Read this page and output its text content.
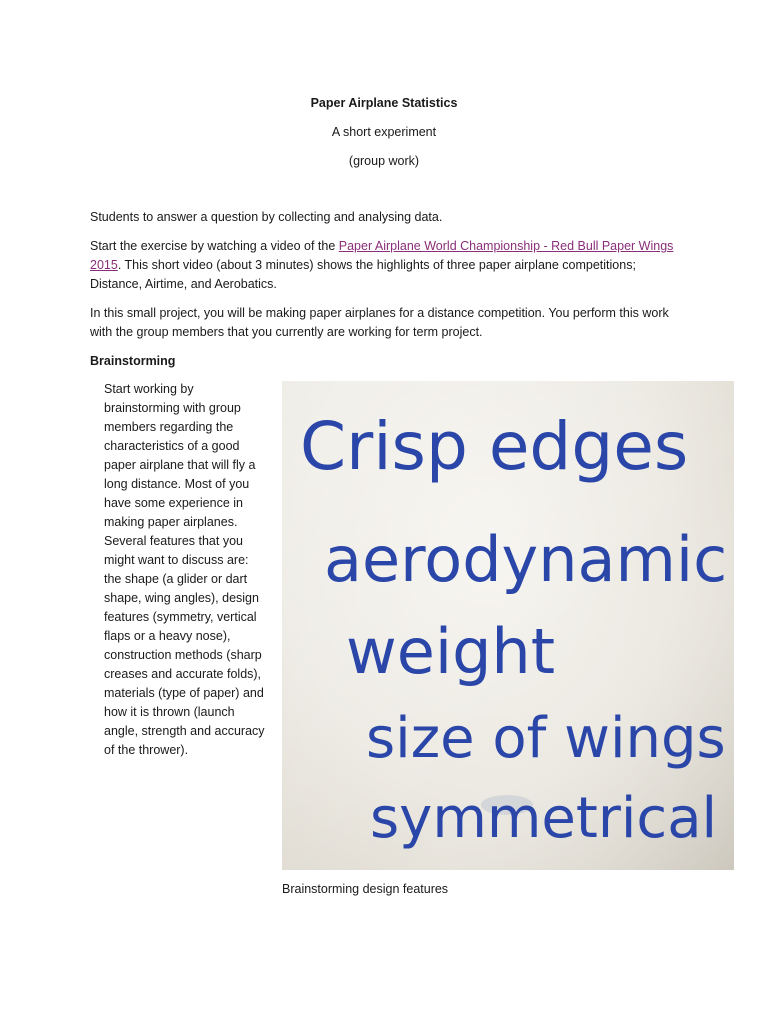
Paper Airplane Statistics

A short experiment

(group work)

Students to answer a question by collecting and analysing data.

Start the exercise by watching a video of the Paper Airplane World Championship - Red Bull Paper Wings 2015. This short video (about 3 minutes) shows the highlights of three paper airplane competitions; Distance, Airtime, and Aerobatics.

In this small project, you will be making paper airplanes for a distance competition. You perform this work with the group members that you currently are working for term project.

Brainstorming

Start working by brainstorming with group members regarding the characteristics of a good paper airplane that will fly a long distance. Most of you have some experience in making paper airplanes. Several features that you might want to discuss are: the shape (a glider or dart shape, wing angles), design features (symmetry, vertical flaps or a heavy nose), construction methods (sharp creases and accurate folds), materials (type of paper) and how it is thrown (launch angle, strength and accuracy of the thrower).

Crisp edges
aerodynamic
weight
size of wings
symmetrical

Brainstorming design features
